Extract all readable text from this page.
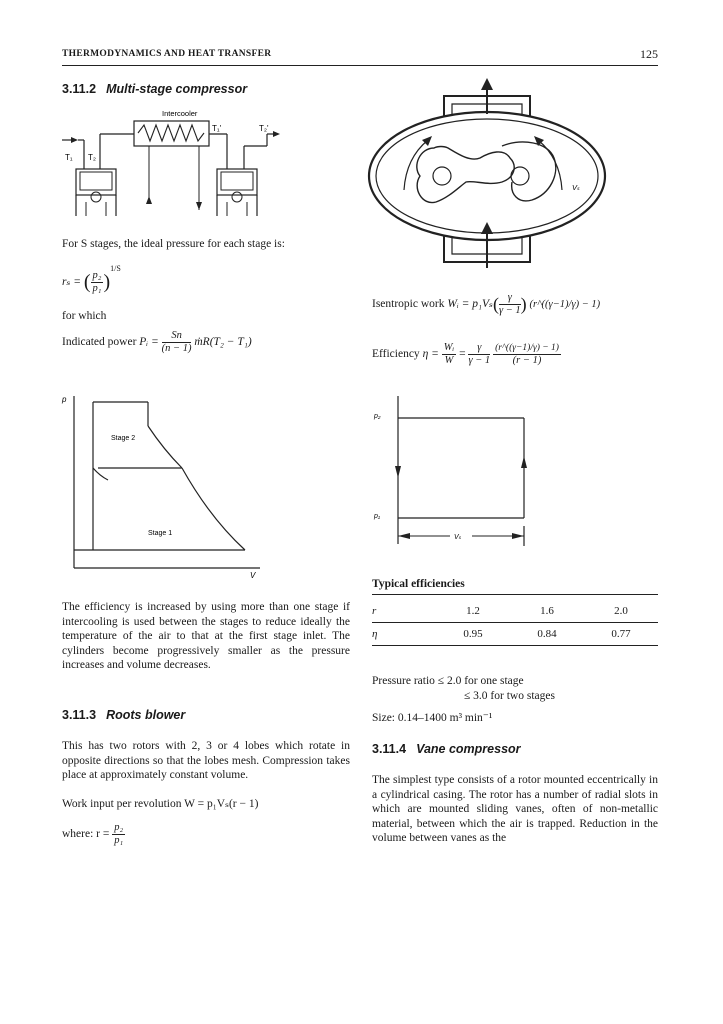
THERMODYNAMICS AND HEAT TRANSFER	125
3.11.2 Multi-stage compressor
Intercooler
T₁ T₂
T₁'	T₂'
For S stages, the ideal pressure for each stage is:
rₛ = ( $\frac{\text{p₂}}{\text{p₁}} )^{1/S}$
for which
Indicated power Pᵢ = $\frac{Sn}{(n - 1)}$ ṁR(T₂ − T₁)
p
V
Stage 2
Stage 1
The efficiency is increased by using more than one stage if intercooling is used between the stages to reduce ideally the temperature of the air to that at the first stage inlet. The cylinders become progressively smaller as the pressure increases and volume decreases.
3.11.3 Roots blower
This has two rotors with 2, 3 or 4 lobes which rotate in opposite directions so that the lobes mesh. Compression takes place at approximately constant volume.
Work input per revolution W = p₁Vₛ(r − 1)
where: $r = \frac{\text{p₂}}{\text{p₁}}$
Vₛ
Isentropic work Wᵢ = $p_1V_s( \frac{\gamma}{\gamma - 1}$ ) (r^((γ−1)/γ) − 1)
Efficiency $\eta = \frac{\text{Wᵢ}}{W} = \frac{\gamma}{\gamma - 1}$
$\frac{(r\^{}((\gamma-1)/\gamma) - 1)}{(r - 1)}$
p₂
p₁
Vₛ
Typical efficiencies
r	1.2	1.6	2.0
η	0.95	0.84	0.77
Pressure ratio ≤ 2.0 for one stage
≤ 3.0 for two stages
Size: 0.14–1400 m³ min⁻¹
3.11.4 Vane compressor
The simplest type consists of a rotor mounted eccentrically in a cylindrical casing. The rotor has a number of radial slots in which are mounted sliding vanes, often of non-metallic material, between which the air is trapped. Reduction in the volume between vanes as the
